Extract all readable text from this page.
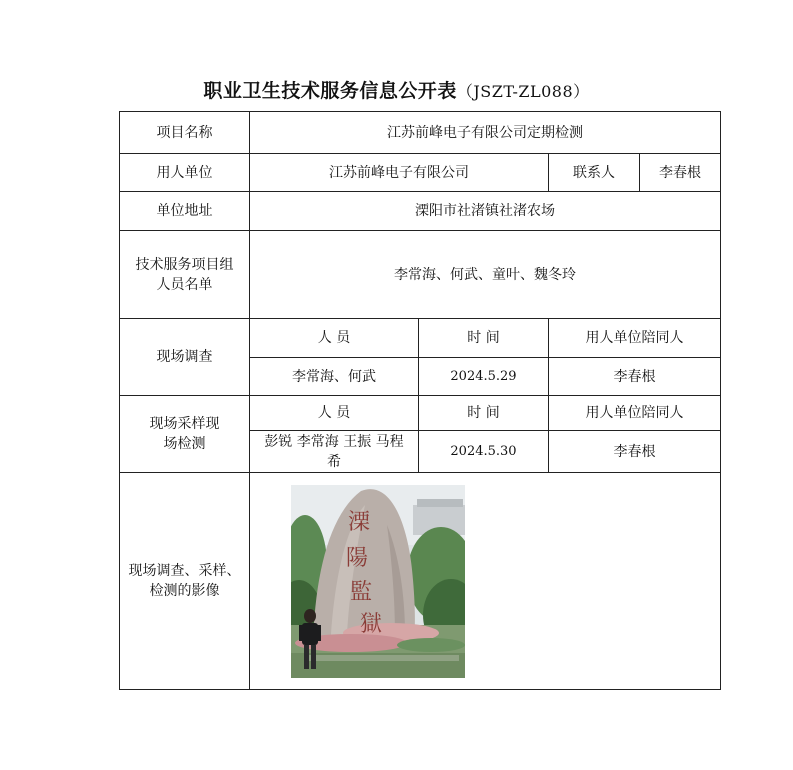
职业卫生技术服务信息公开表（JSZT-ZL088）
项目名称	江苏前峰电子有限公司定期检测			
用人单位	江苏前峰电子有限公司		联系人	李春根
单位地址	溧阳市社渚镇社渚农场			
技术服务项目组人员名单	李常海、何武、童叶、魏冬玲			
现场调查	人 员	时 间	用人单位陪同人	
	李常海、何武	2024.5.29	李春根	
现场采样现场检测	人 员	时 间	用人单位陪同人	
	彭锐 李常海 王振 马程希	2024.5.30	李春根	
现场调查、采样、检测的影像	溧
陽
監
獄			
